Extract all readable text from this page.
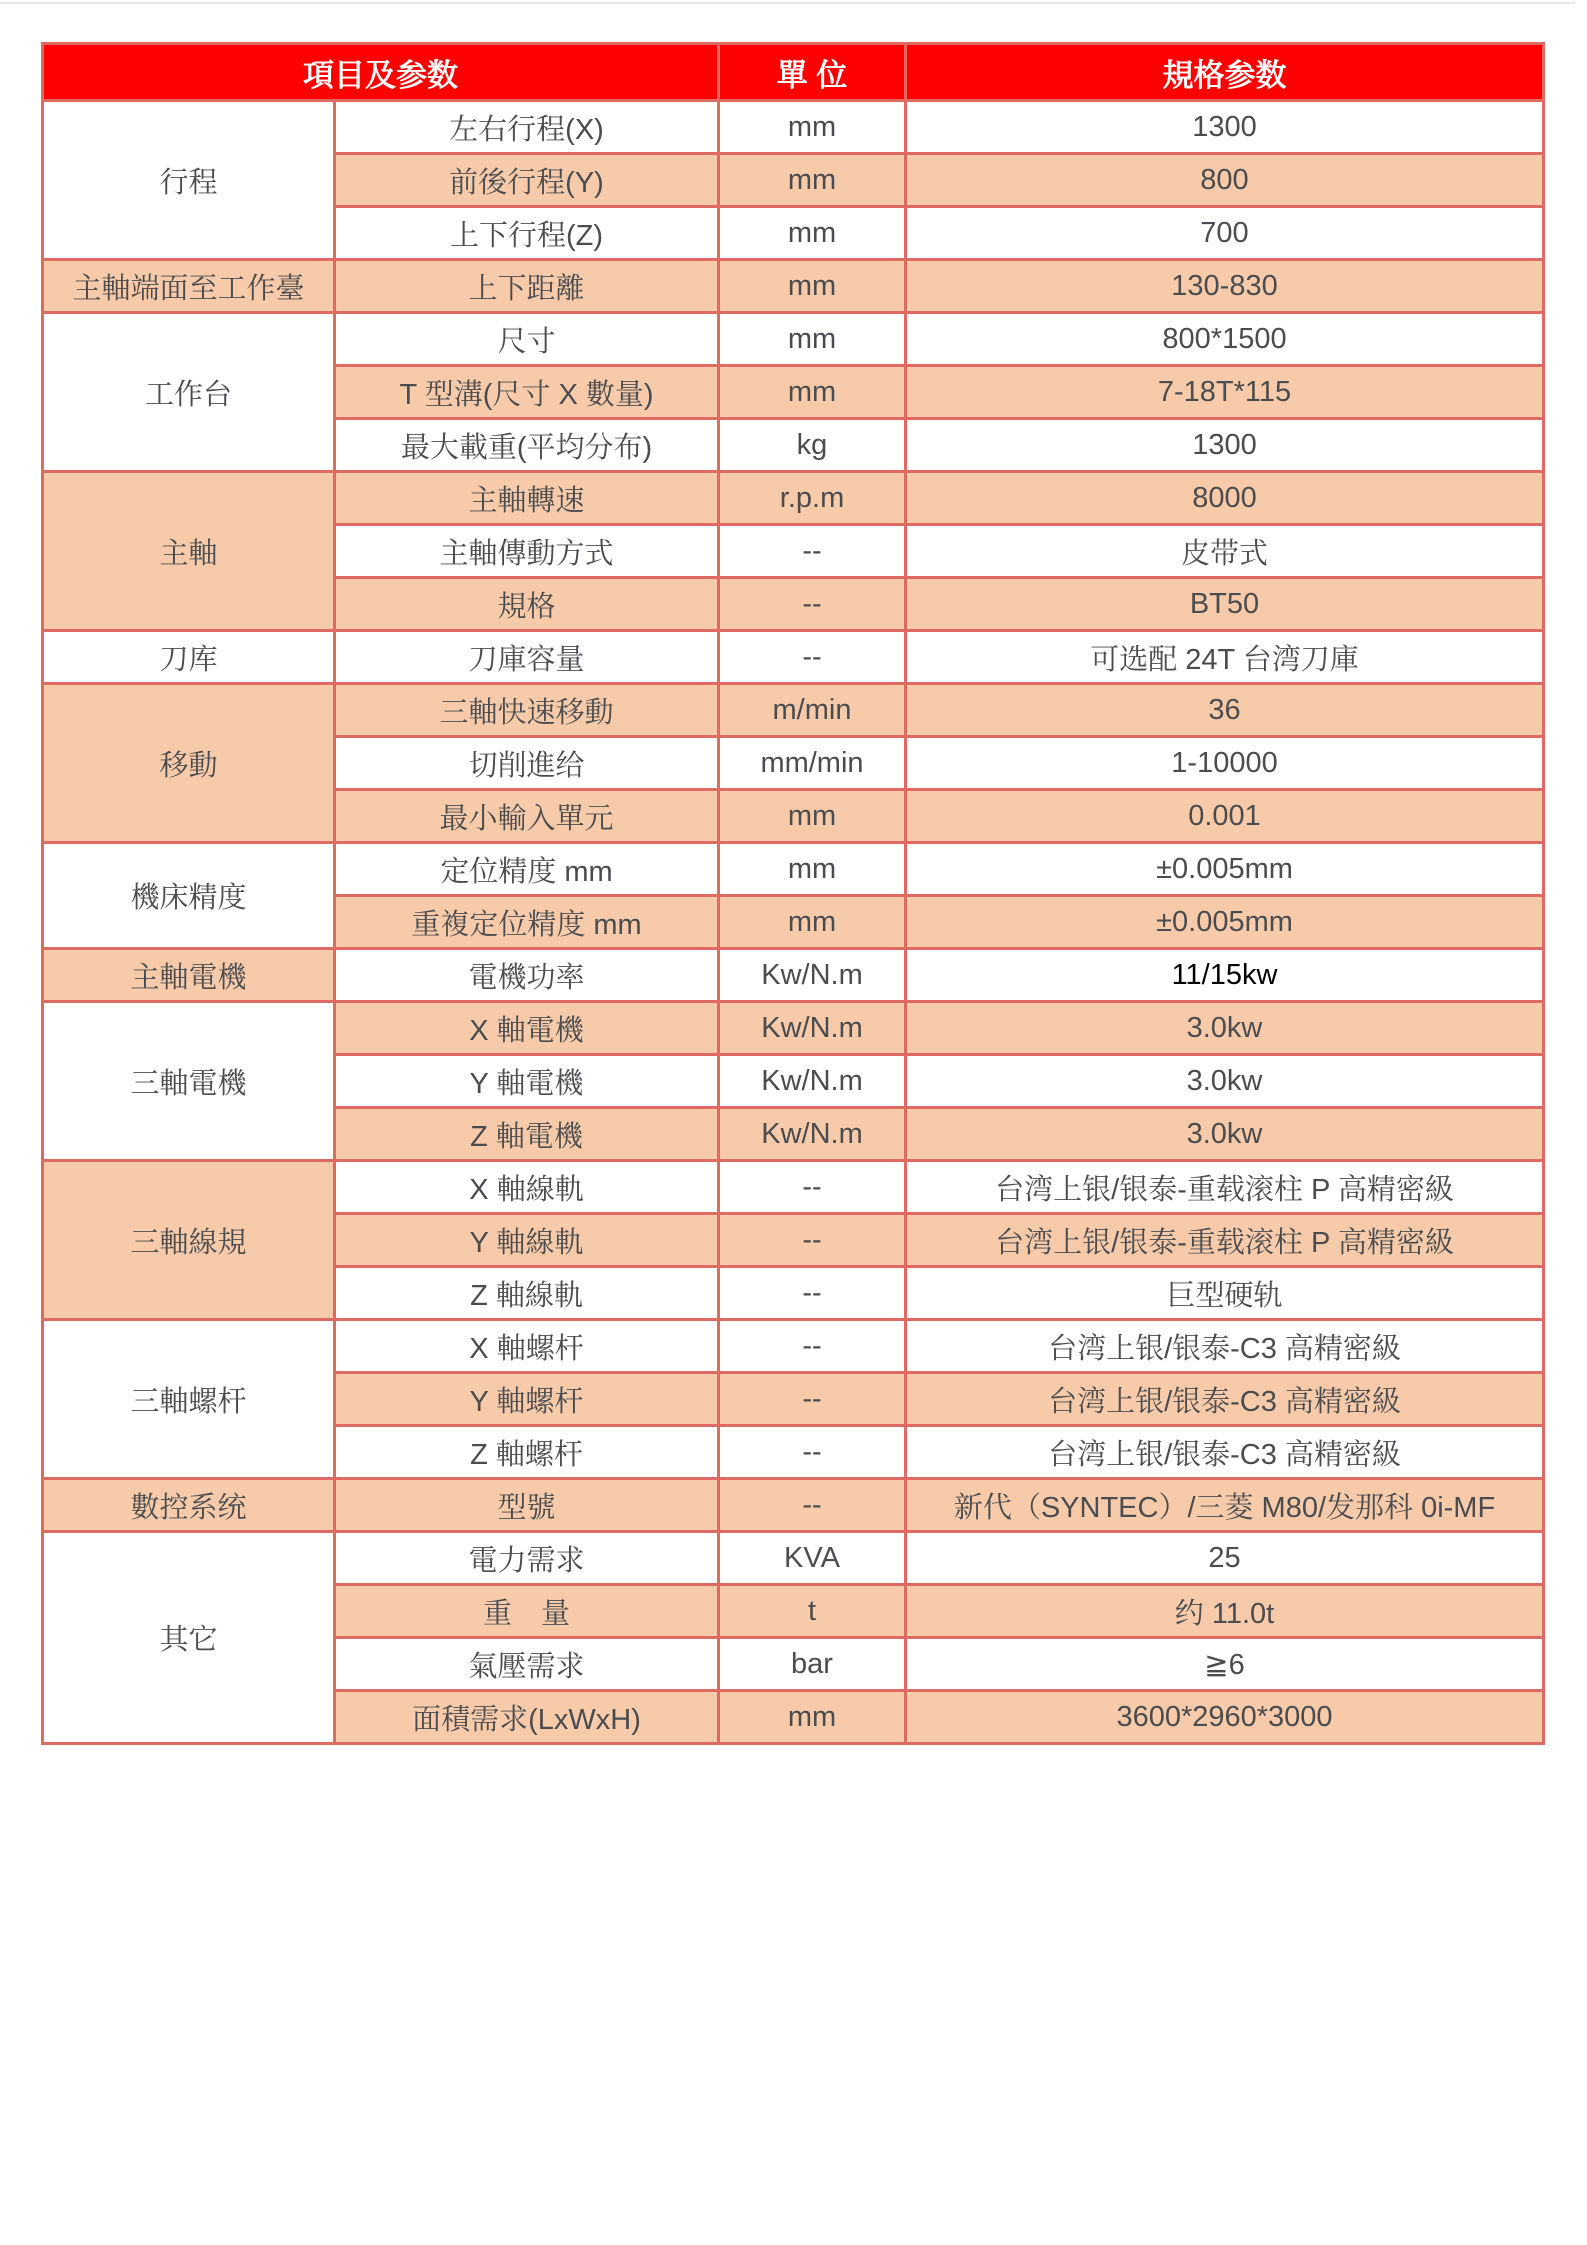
項目及参数		單 位	規格参数
行程	左右行程(X)	mm	1300
	前後行程(Y)	mm	800
	上下行程(Z)	mm	700
主軸端面至工作臺	上下距離	mm	130-830
工作台	尺寸	mm	800*1500
	T 型溝(尺寸 X 數量)	mm	7-18T*115
	最大載重(平均分布)	kg	1300
主軸	主軸轉速	r.p.m	8000
	主軸傳動方式	--	皮带式
	規格	--	BT50
刀库	刀庫容量	--	可选配 24T 台湾刀庫
移動	三軸快速移動	m/min	36
	切削進给	mm/min	1-10000
	最小輸入單元	mm	0.001
機床精度	定位精度 mm	mm	±0.005mm
	重複定位精度 mm	mm	±0.005mm
主軸電機	電機功率	Kw/N.m	11/15kw
三軸電機	X 軸電機	Kw/N.m	3.0kw
	Y 軸電機	Kw/N.m	3.0kw
	Z 軸電機	Kw/N.m	3.0kw
三軸線規	X 軸線軌	--	台湾上银/银泰-重载滚柱 P 高精密級
	Y 軸線軌	--	台湾上银/银泰-重载滚柱 P 高精密級
	Z 軸線軌	--	巨型硬轨
三軸螺杆	X 軸螺杆	--	台湾上银/银泰-C3 高精密級
	Y 軸螺杆	--	台湾上银/银泰-C3 高精密級
	Z 軸螺杆	--	台湾上银/银泰-C3 高精密級
數控系统	型號	--	新代（SYNTEC）/三菱 M80/发那科 0i-MF
其它	電力需求	KVA	25
	重　量	t	约 11.0t
	氣壓需求	bar	≧6
	面積需求(LxWxH)	mm	3600*2960*3000
